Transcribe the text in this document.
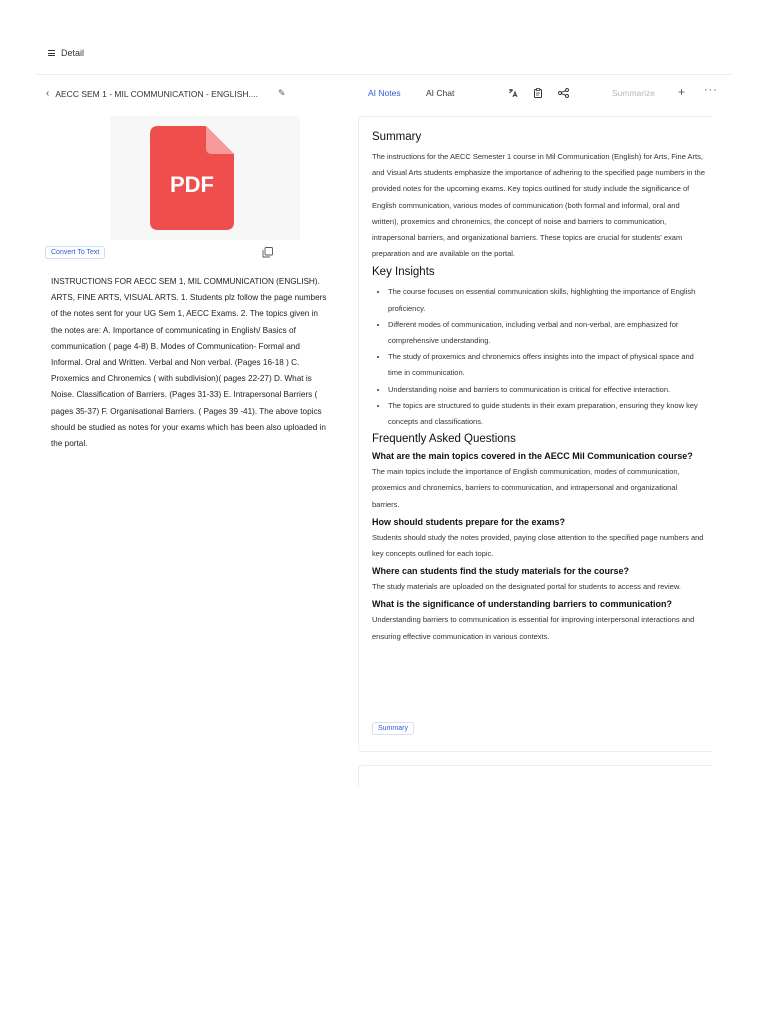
Detail
‹ AECC SEM 1 - MIL COMMUNICATION - ENGLISH.... ✎
PDF
Convert To Text

INSTRUCTIONS FOR AECC SEM 1, MIL COMMUNICATION (ENGLISH). ARTS, FINE ARTS, VISUAL ARTS. 1. Students plz follow the page numbers of the notes sent for your UG Sem 1, AECC Exams. 2. The topics given in the notes are: A. Importance of communicating in English/ Basics of communication ( page 4-8) B. Modes of Communication- Formal and Informal. Oral and Written. Verbal and Non verbal. (Pages 16-18 ) C. Proxemics and Chronemics ( with subdivision)( pages 22-27) D. What is Noise. Classification of Barriers. (Pages 31-33) E. Intrapersonal Barriers ( pages 35-37) F. Organisational Barriers. ( Pages 39 -41). The above topics should be studied as notes for your exams which has been also uploaded in the portal.

AI Notes	AI Chat	Summarize + ···
Summary

The instructions for the AECC Semester 1 course in Mil Communication (English) for Arts, Fine Arts, and Visual Arts students emphasize the importance of adhering to the specified page numbers in the provided notes for the upcoming exams. Key topics outlined for study include the significance of English communication, various modes of communication (both formal and informal, oral and written), proxemics and chronemics, the concept of noise and barriers to communication, intrapersonal barriers, and organizational barriers. These topics are crucial for students' exam preparation and are available on the portal.

Key Insights
• The course focuses on essential communication skills, highlighting the importance of English proficiency.
• Different modes of communication, including verbal and non-verbal, are emphasized for comprehensive understanding.
• The study of proxemics and chronemics offers insights into the impact of physical space and time in communication.
• Understanding noise and barriers to communication is critical for effective interaction.
• The topics are structured to guide students in their exam preparation, ensuring they know key concepts and classifications.
Frequently Asked Questions
What are the main topics covered in the AECC Mil Communication course?

The main topics include the importance of English communication, modes of communication, proxemics and chronemics, barriers to communication, and intrapersonal and organizational barriers.

How should students prepare for the exams?

Students should study the notes provided, paying close attention to the specified page numbers and key concepts outlined for each topic.

Where can students find the study materials for the course?

The study materials are uploaded on the designated portal for students to access and review.

What is the significance of understanding barriers to communication?

Understanding barriers to communication is essential for improving interpersonal interactions and ensuring effective communication in various contexts.

Summary
